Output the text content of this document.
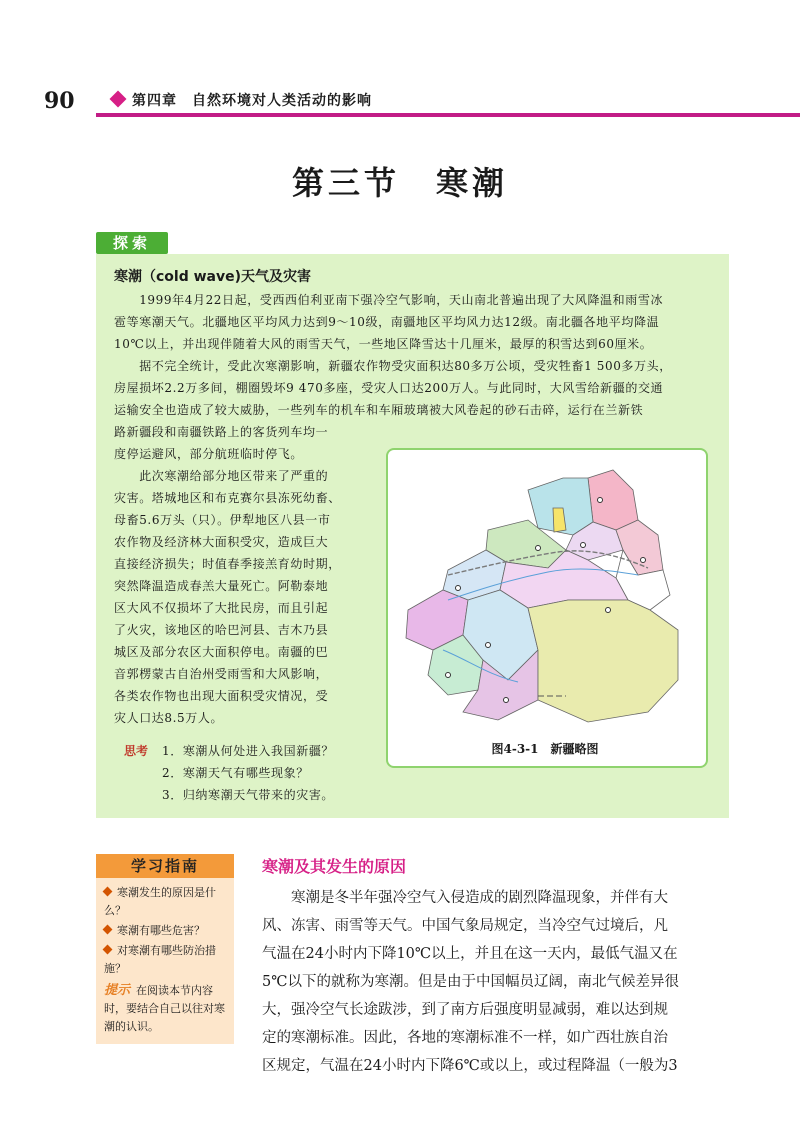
90	第四章　自然环境对人类活动的影响
第三节　寒潮
探索
寒潮（cold wave)天气及灾害
　　1999年4月22日起，受西西伯利亚南下强冷空气影响，天山南北普遍出现了大风降温和雨雪冰
雹等寒潮天气。北疆地区平均风力达到9～10级，南疆地区平均风力达12级。南北疆各地平均降温
10℃以上，并出现伴随着大风的雨雪天气，一些地区降雪达十几厘米，最厚的积雪达到60厘米。
　　据不完全统计，受此次寒潮影响，新疆农作物受灾面积达80多万公顷，受灾牲畜1 500多万头，
房屋损坏2.2万多间，棚圈毁坏9 470多座，受灾人口达200万人。与此同时，大风雪给新疆的交通
运输安全也造成了较大威胁，一些列车的机车和车厢玻璃被大风卷起的砂石击碎，运行在兰新铁
路新疆段和南疆铁路上的客货列车均一
度停运避风，部分航班临时停飞。
　　此次寒潮给部分地区带来了严重的
灾害。塔城地区和布克赛尔县冻死幼畜、
母畜5.6万头（只）。伊犁地区八县一市
农作物及经济林大面积受灾，造成巨大
直接经济损失；时值春季接羔育幼时期，
突然降温造成春羔大量死亡。阿勒泰地
区大风不仅损坏了大批民房，而且引起
了火灾，该地区的哈巴河县、吉木乃县
城区及部分农区大面积停电。南疆的巴
音郭楞蒙古自治州受雨雪和大风影响，
各类农作物也出现大面积受灾情况，受
灾人口达8.5万人。
图4-3-1　新疆略图
思考 1．寒潮从何处进入我国新疆？
2．寒潮天气有哪些现象？
3．归纳寒潮天气带来的灾害。
学习指南
寒潮发生的原因是什么？
寒潮有哪些危害？
对寒潮有哪些防治措施？
提示 在阅读本节内容时，要结合自己以往对寒潮的认识。
寒潮及其发生的原因
　　寒潮是冬半年强冷空气入侵造成的剧烈降温现象，并伴有大
风、冻害、雨雪等天气。中国气象局规定，当冷空气过境后，凡
气温在24小时内下降10℃以上，并且在这一天内，最低气温又在
5℃以下的就称为寒潮。但是由于中国幅员辽阔，南北气候差异很
大，强冷空气长途跋涉，到了南方后强度明显减弱，难以达到规
定的寒潮标准。因此，各地的寒潮标准不一样，如广西壮族自治
区规定，气温在24小时内下降6℃或以上，或过程降温（一般为3
